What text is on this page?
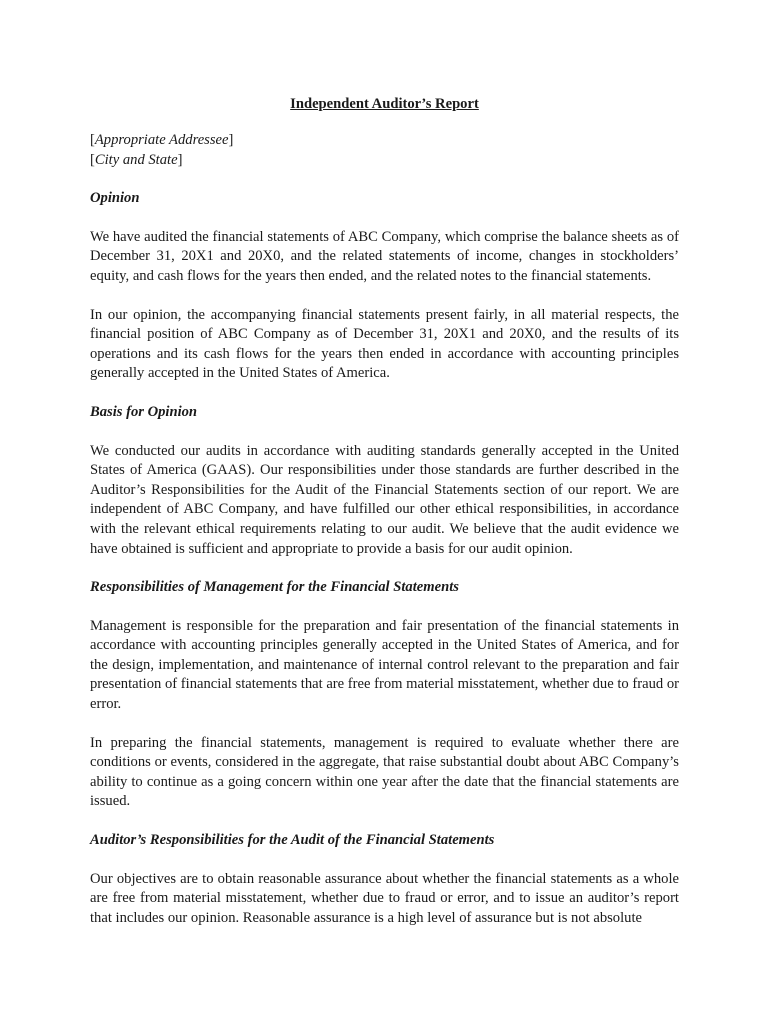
Independent Auditor’s Report
[Appropriate Addressee]
[City and State]
Opinion

We have audited the financial statements of ABC Company, which comprise the balance sheets as of December 31, 20X1 and 20X0, and the related statements of income, changes in stockholders’ equity, and cash flows for the years then ended, and the related notes to the financial statements.

In our opinion, the accompanying financial statements present fairly, in all material respects, the financial position of ABC Company as of December 31, 20X1 and 20X0, and the results of its operations and its cash flows for the years then ended in accordance with accounting principles generally accepted in the United States of America.

Basis for Opinion

We conducted our audits in accordance with auditing standards generally accepted in the United States of America (GAAS). Our responsibilities under those standards are further described in the Auditor’s Responsibilities for the Audit of the Financial Statements section of our report. We are independent of ABC Company, and have fulfilled our other ethical responsibilities, in accordance with the relevant ethical requirements relating to our audit. We believe that the audit evidence we have obtained is sufficient and appropriate to provide a basis for our audit opinion.

Responsibilities of Management for the Financial Statements

Management is responsible for the preparation and fair presentation of the financial statements in accordance with accounting principles generally accepted in the United States of America, and for the design, implementation, and maintenance of internal control relevant to the preparation and fair presentation of financial statements that are free from material misstatement, whether due to fraud or error.

In preparing the financial statements, management is required to evaluate whether there are conditions or events, considered in the aggregate, that raise substantial doubt about ABC Company’s ability to continue as a going concern within one year after the date that the financial statements are issued.

Auditor’s Responsibilities for the Audit of the Financial Statements

Our objectives are to obtain reasonable assurance about whether the financial statements as a whole are free from material misstatement, whether due to fraud or error, and to issue an auditor’s report that includes our opinion. Reasonable assurance is a high level of assurance but is not absolute
